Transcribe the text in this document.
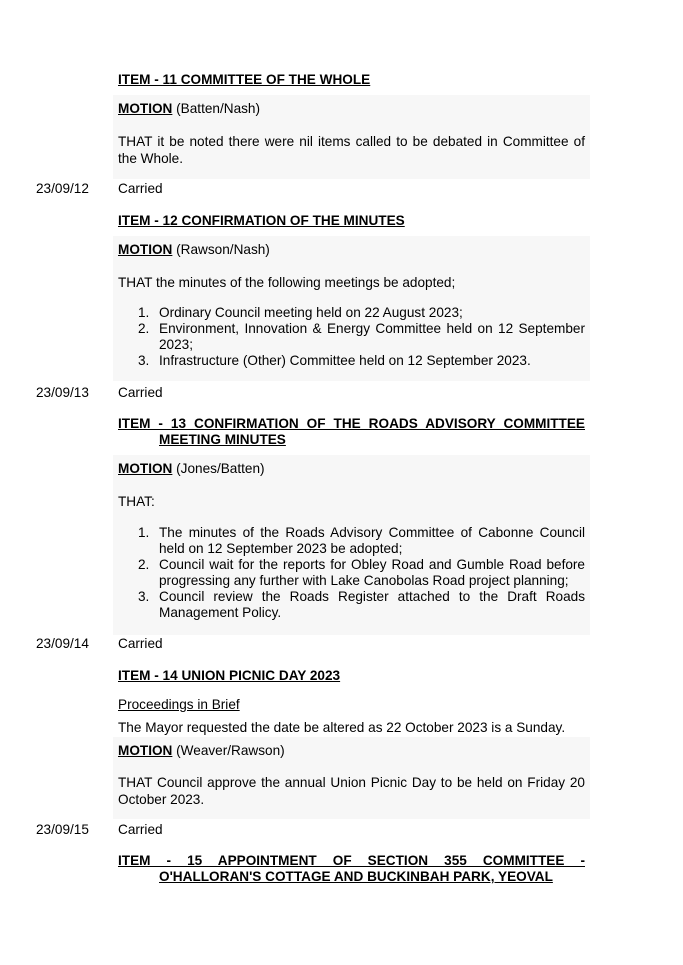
ITEM - 11 COMMITTEE OF THE WHOLE
MOTION (Batten/Nash)
THAT it be noted there were nil items called to be debated in Committee of the Whole.
23/09/12 Carried
ITEM - 12 CONFIRMATION OF THE MINUTES
MOTION (Rawson/Nash)
THAT the minutes of the following meetings be adopted;
1. Ordinary Council meeting held on 22 August 2023;
2. Environment, Innovation & Energy Committee held on 12 September 2023;
3. Infrastructure (Other) Committee held on 12 September 2023.
23/09/13 Carried
ITEM - 13 CONFIRMATION OF THE ROADS ADVISORY COMMITTEE
MEETING MINUTES
MOTION (Jones/Batten)
THAT:
1. The minutes of the Roads Advisory Committee of Cabonne Council held on 12 September 2023 be adopted;
2. Council wait for the reports for Obley Road and Gumble Road before progressing any further with Lake Canobolas Road project planning;
3. Council review the Roads Register attached to the Draft Roads Management Policy.
23/09/14 Carried
ITEM - 14 UNION PICNIC DAY 2023
Proceedings in Brief
The Mayor requested the date be altered as 22 October 2023 is a Sunday.
MOTION (Weaver/Rawson)
THAT Council approve the annual Union Picnic Day to be held on Friday 20 October 2023.
23/09/15 Carried
ITEM - 15 APPOINTMENT OF SECTION 355 COMMITTEE -
O'HALLORAN'S COTTAGE AND BUCKINBAH PARK, YEOVAL
